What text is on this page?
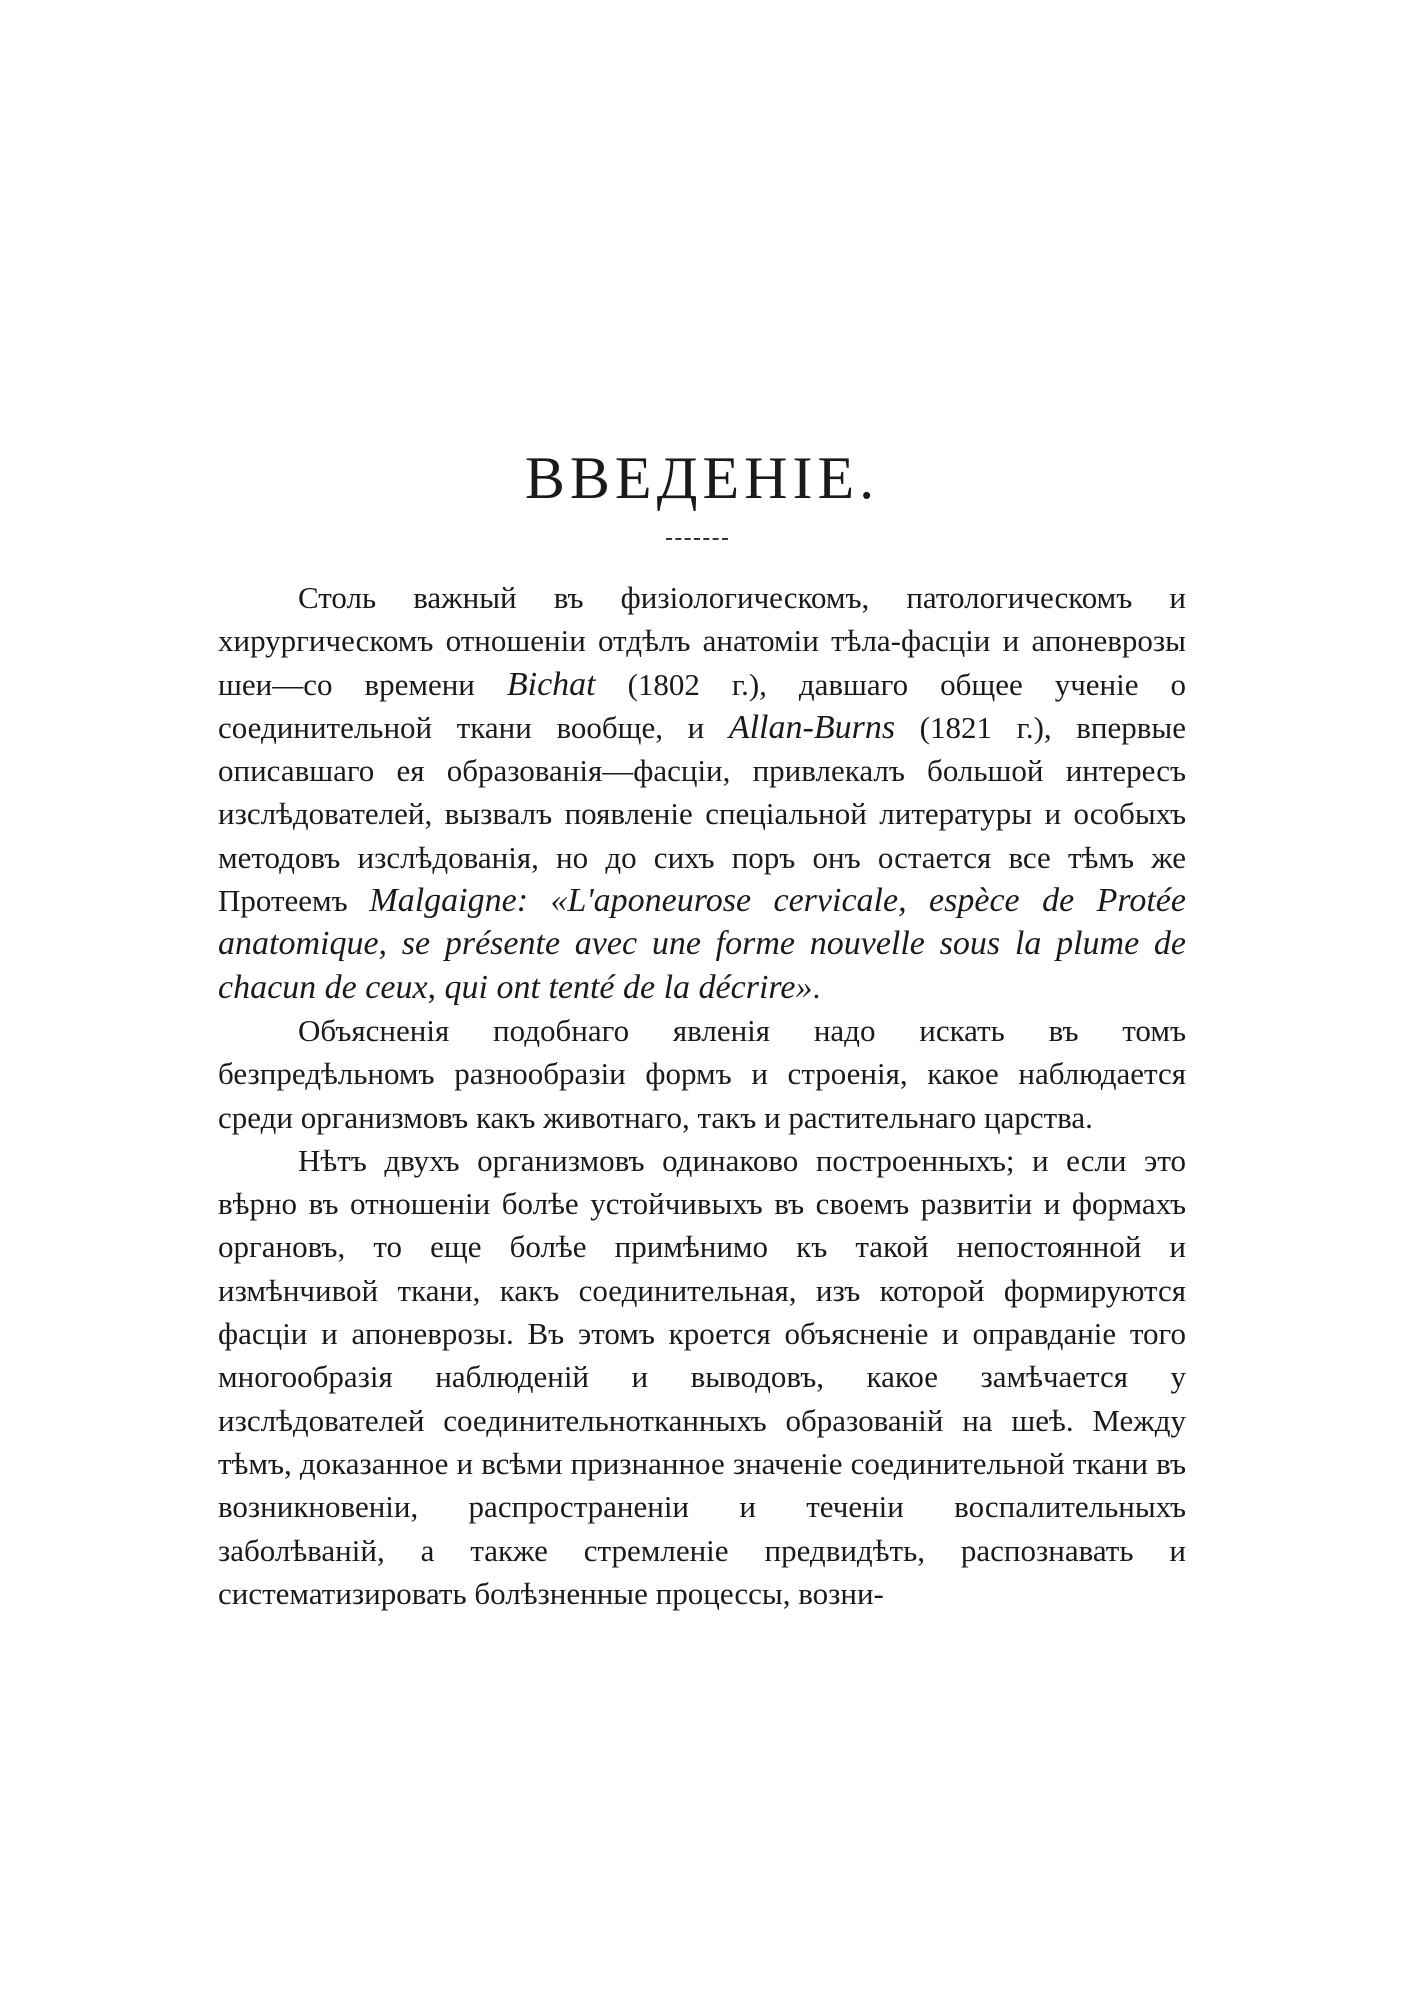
ВВЕДЕНІЕ.

Столь важный въ физіологическомъ, патологическомъ и хирургическомъ отношеніи отдѣлъ анатоміи тѣла-фасціи и апоневрозы шеи—со времени Bichat (1802 г.), давшаго общее ученіе о соединительной ткани вообще, и Allan-Burns (1821 г.), впервые описавшаго ея образованія—фасціи, привлекалъ большой интересъ изслѣдователей, вызвалъ появленіе спеціальной литературы и особыхъ методовъ изслѣдованія, но до сихъ поръ онъ остается все тѣмъ же Протеемъ Malgaigne: «L'aponeurose cervicale, espèce de Protée anatomique, se présente avec une forme nouvelle sous la plume de chacun de ceux, qui ont tenté de la décrire».

Объясненія подобнаго явленія надо искать въ томъ безпредѣльномъ разнообразіи формъ и строенія, какое наблюдается среди организмовъ какъ животнаго, такъ и растительнаго царства.

Нѣтъ двухъ организмовъ одинаково построенныхъ; и если это вѣрно въ отношеніи болѣе устойчивыхъ въ своемъ развитіи и формахъ органовъ, то еще болѣе примѣнимо къ такой непостоянной и измѣнчивой ткани, какъ соединительная, изъ которой формируются фасціи и апоневрозы. Въ этомъ кроется объясненіе и оправданіе того многообразія наблюденій и выводовъ, какое замѣчается у изслѣдователей соединительнотканныхъ образованій на шеѣ. Между тѣмъ, доказанное и всѣми признанное значеніе соединительной ткани въ возникновеніи, распространеніи и теченіи воспалительныхъ заболѣваній, а также стремленіе предвидѣть, распознавать и систематизировать болѣзненные процессы, возни-
